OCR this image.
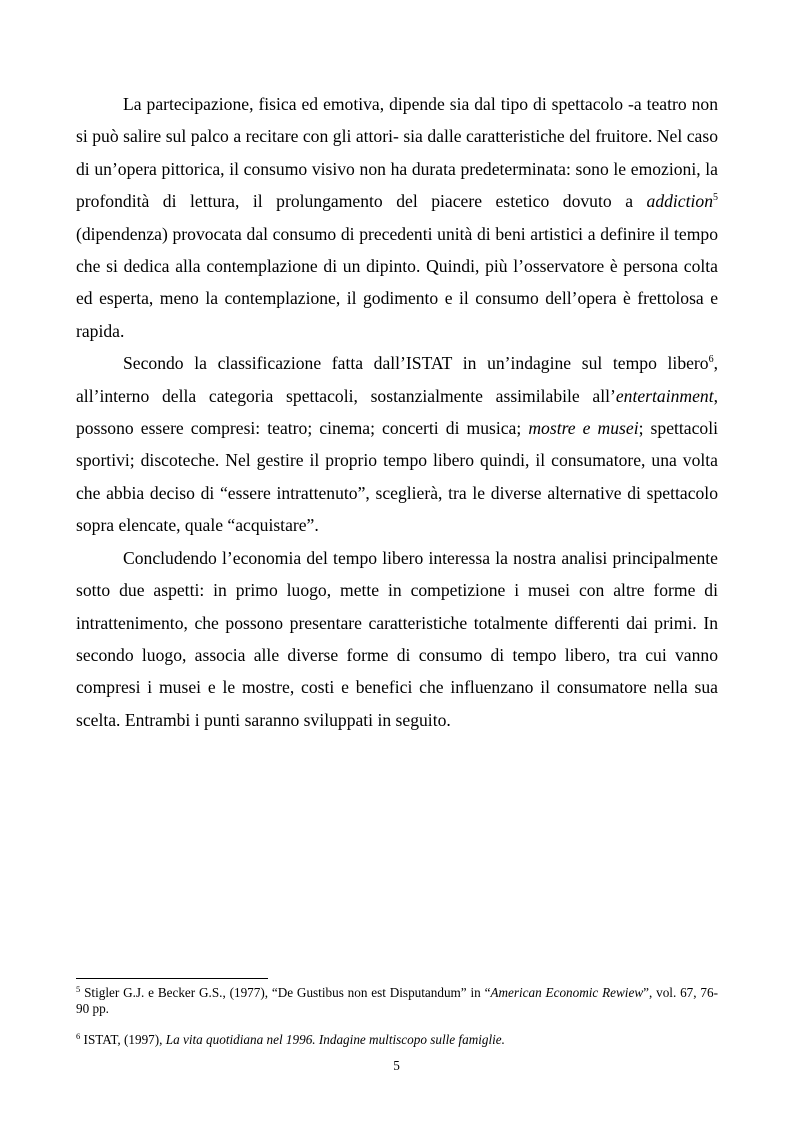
La partecipazione, fisica ed emotiva, dipende sia dal tipo di spettacolo -a teatro non si può salire sul palco a recitare con gli attori- sia dalle caratteristiche del fruitore. Nel caso di un’opera pittorica, il consumo visivo non ha durata predeterminata: sono le emozioni, la profondità di lettura, il prolungamento del piacere estetico dovuto a addiction$^5$ (dipendenza) provocata dal consumo di precedenti unità di beni artistici a definire il tempo che si dedica alla contemplazione di un dipinto. Quindi, più l’osservatore è persona colta ed esperta, meno la contemplazione, il godimento e il consumo dell’opera è frettolosa e rapida.

Secondo la classificazione fatta dall’ISTAT in un’indagine sul tempo libero$^6$, all’interno della categoria spettacoli, sostanzialmente assimilabile all’entertainment, possono essere compresi: teatro; cinema; concerti di musica; mostre e musei; spettacoli sportivi; discoteche. Nel gestire il proprio tempo libero quindi, il consumatore, una volta che abbia deciso di “essere intrattenuto”, sceglierà, tra le diverse alternative di spettacolo sopra elencate, quale “acquistare”.

Concludendo l’economia del tempo libero interessa la nostra analisi principalmente sotto due aspetti: in primo luogo, mette in competizione i musei con altre forme di intrattenimento, che possono presentare caratteristiche totalmente differenti dai primi. In secondo luogo, associa alle diverse forme di consumo di tempo libero, tra cui vanno compresi i musei e le mostre, costi e benefici che influenzano il consumatore nella sua scelta. Entrambi i punti saranno sviluppati in seguito.

$^5$ Stigler G.J. e Becker G.S., (1977), “De Gustibus non est Disputandum” in “American Economic Rewiew”, vol. 67, 76-90 pp.

$^6$ ISTAT, (1997), La vita quotidiana nel 1996. Indagine multiscopo sulle famiglie.

5
